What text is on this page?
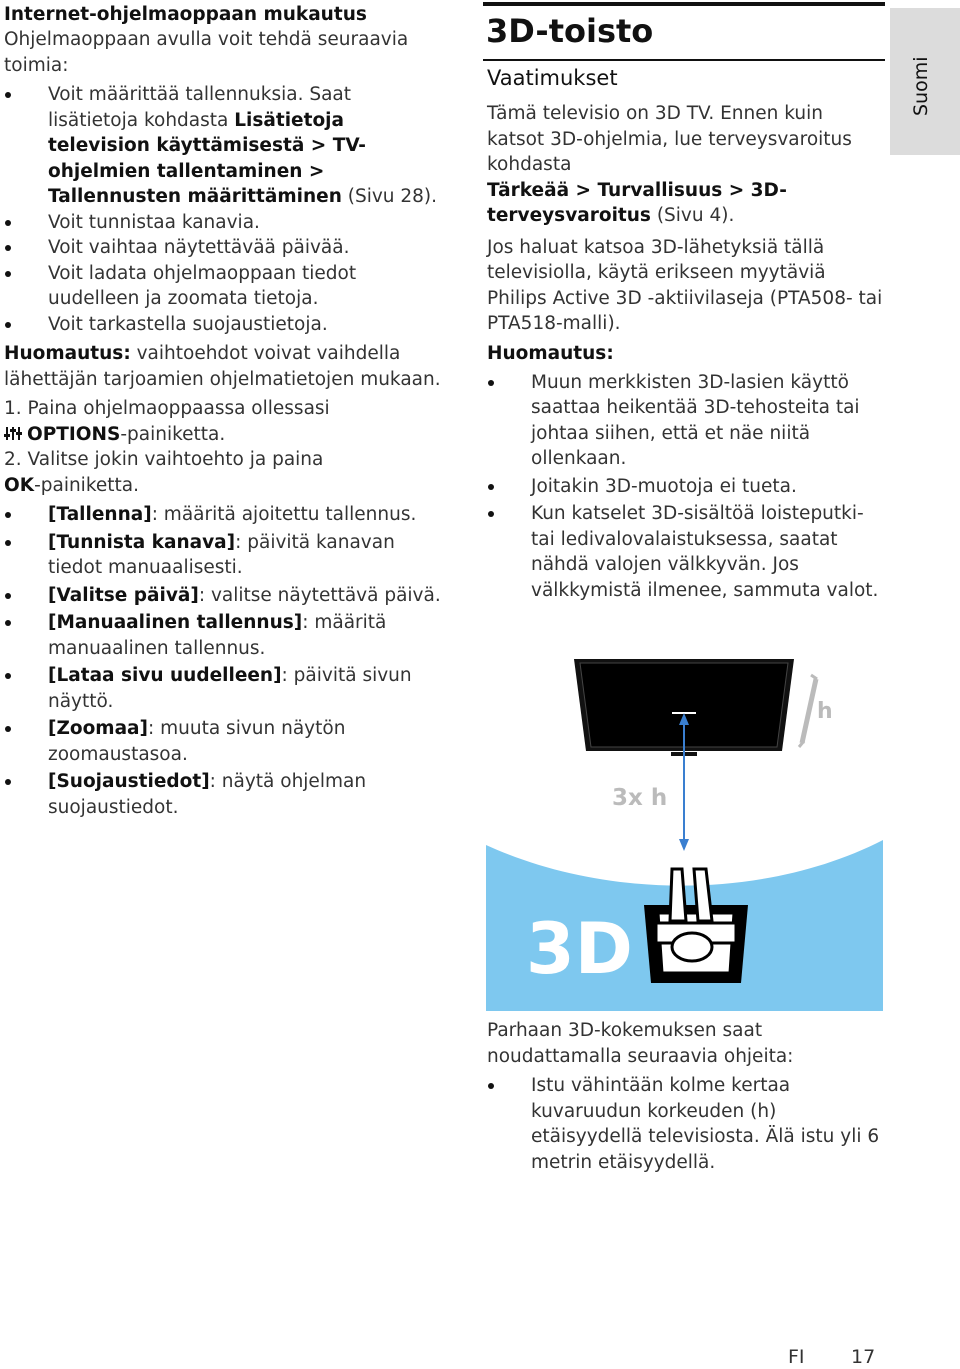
Internet-ohjelmaoppaan mukautus

Ohjelmaoppaan avulla voit tehdä seuraavia toimia:

Voit määrittää tallennuksia. Saat lisätietoja kohdasta Lisätietoja television käyttämisestä > TV-ohjelmien tallentaminen > Tallennusten määrittäminen (Sivu 28).
Voit tunnistaa kanavia.
Voit vaihtaa näytettävää päivää.
Voit ladata ohjelmaoppaan tiedot uudelleen ja zoomata tietoja.
Voit tarkastella suojaustietoja.

Huomautus: vaihtoehdot voivat vaihdella lähettäjän tarjoamien ohjelmatietojen mukaan.

1. Paina ohjelmaoppaassa ollessasi
OPTIONS-painiketta.

2. Valitse jokin vaihtoehto ja paina
OK-painiketta.

[Tallenna]: määritä ajoitettu tallennus.
[Tunnista kanava]: päivitä kanavan tiedot manuaalisesti.
[Valitse päivä]: valitse näytettävä päivä.
[Manuaalinen tallennus]: määritä manuaalinen tallennus.
[Lataa sivu uudelleen]: päivitä sivun näyttö.
[Zoomaa]: muuta sivun näytön zoomaustasoa.
[Suojaustiedot]: näytä ohjelman suojaustiedot.
3D-toisto

Vaatimukset

Tämä televisio on 3D TV. Ennen kuin katsot 3D-ohjelmia, lue terveysvaroitus kohdasta
Tärkeää > Turvallisuus > 3D-terveysvaroitus (Sivu 4).

Jos haluat katsoa 3D-lähetyksiä tällä televisiolla, käytä erikseen myytäviä Philips Active 3D -aktiivilaseja (PTA508- tai PTA518-malli).

Huomautus:

Muun merkkisten 3D-lasien käyttö saattaa heikentää 3D-tehosteita tai johtaa siihen, että et näe niitä ollenkaan.
Joitakin 3D-muotoja ei tueta.
Kun katselet 3D-sisältöä loisteputki- tai ledivalovalaistuksessa, saatat nähdä valojen välkkyvän. Jos välkkymistä ilmenee, sammuta valot.
h
3x h
3D

Parhaan 3D-kokemuksen saat noudattamalla seuraavia ohjeita:

Istu vähintään kolme kertaa kuvaruudun korkeuden (h) etäisyydellä televisiosta. Älä istu yli 6 metrin etäisyydellä.
Suomi
FI 17
